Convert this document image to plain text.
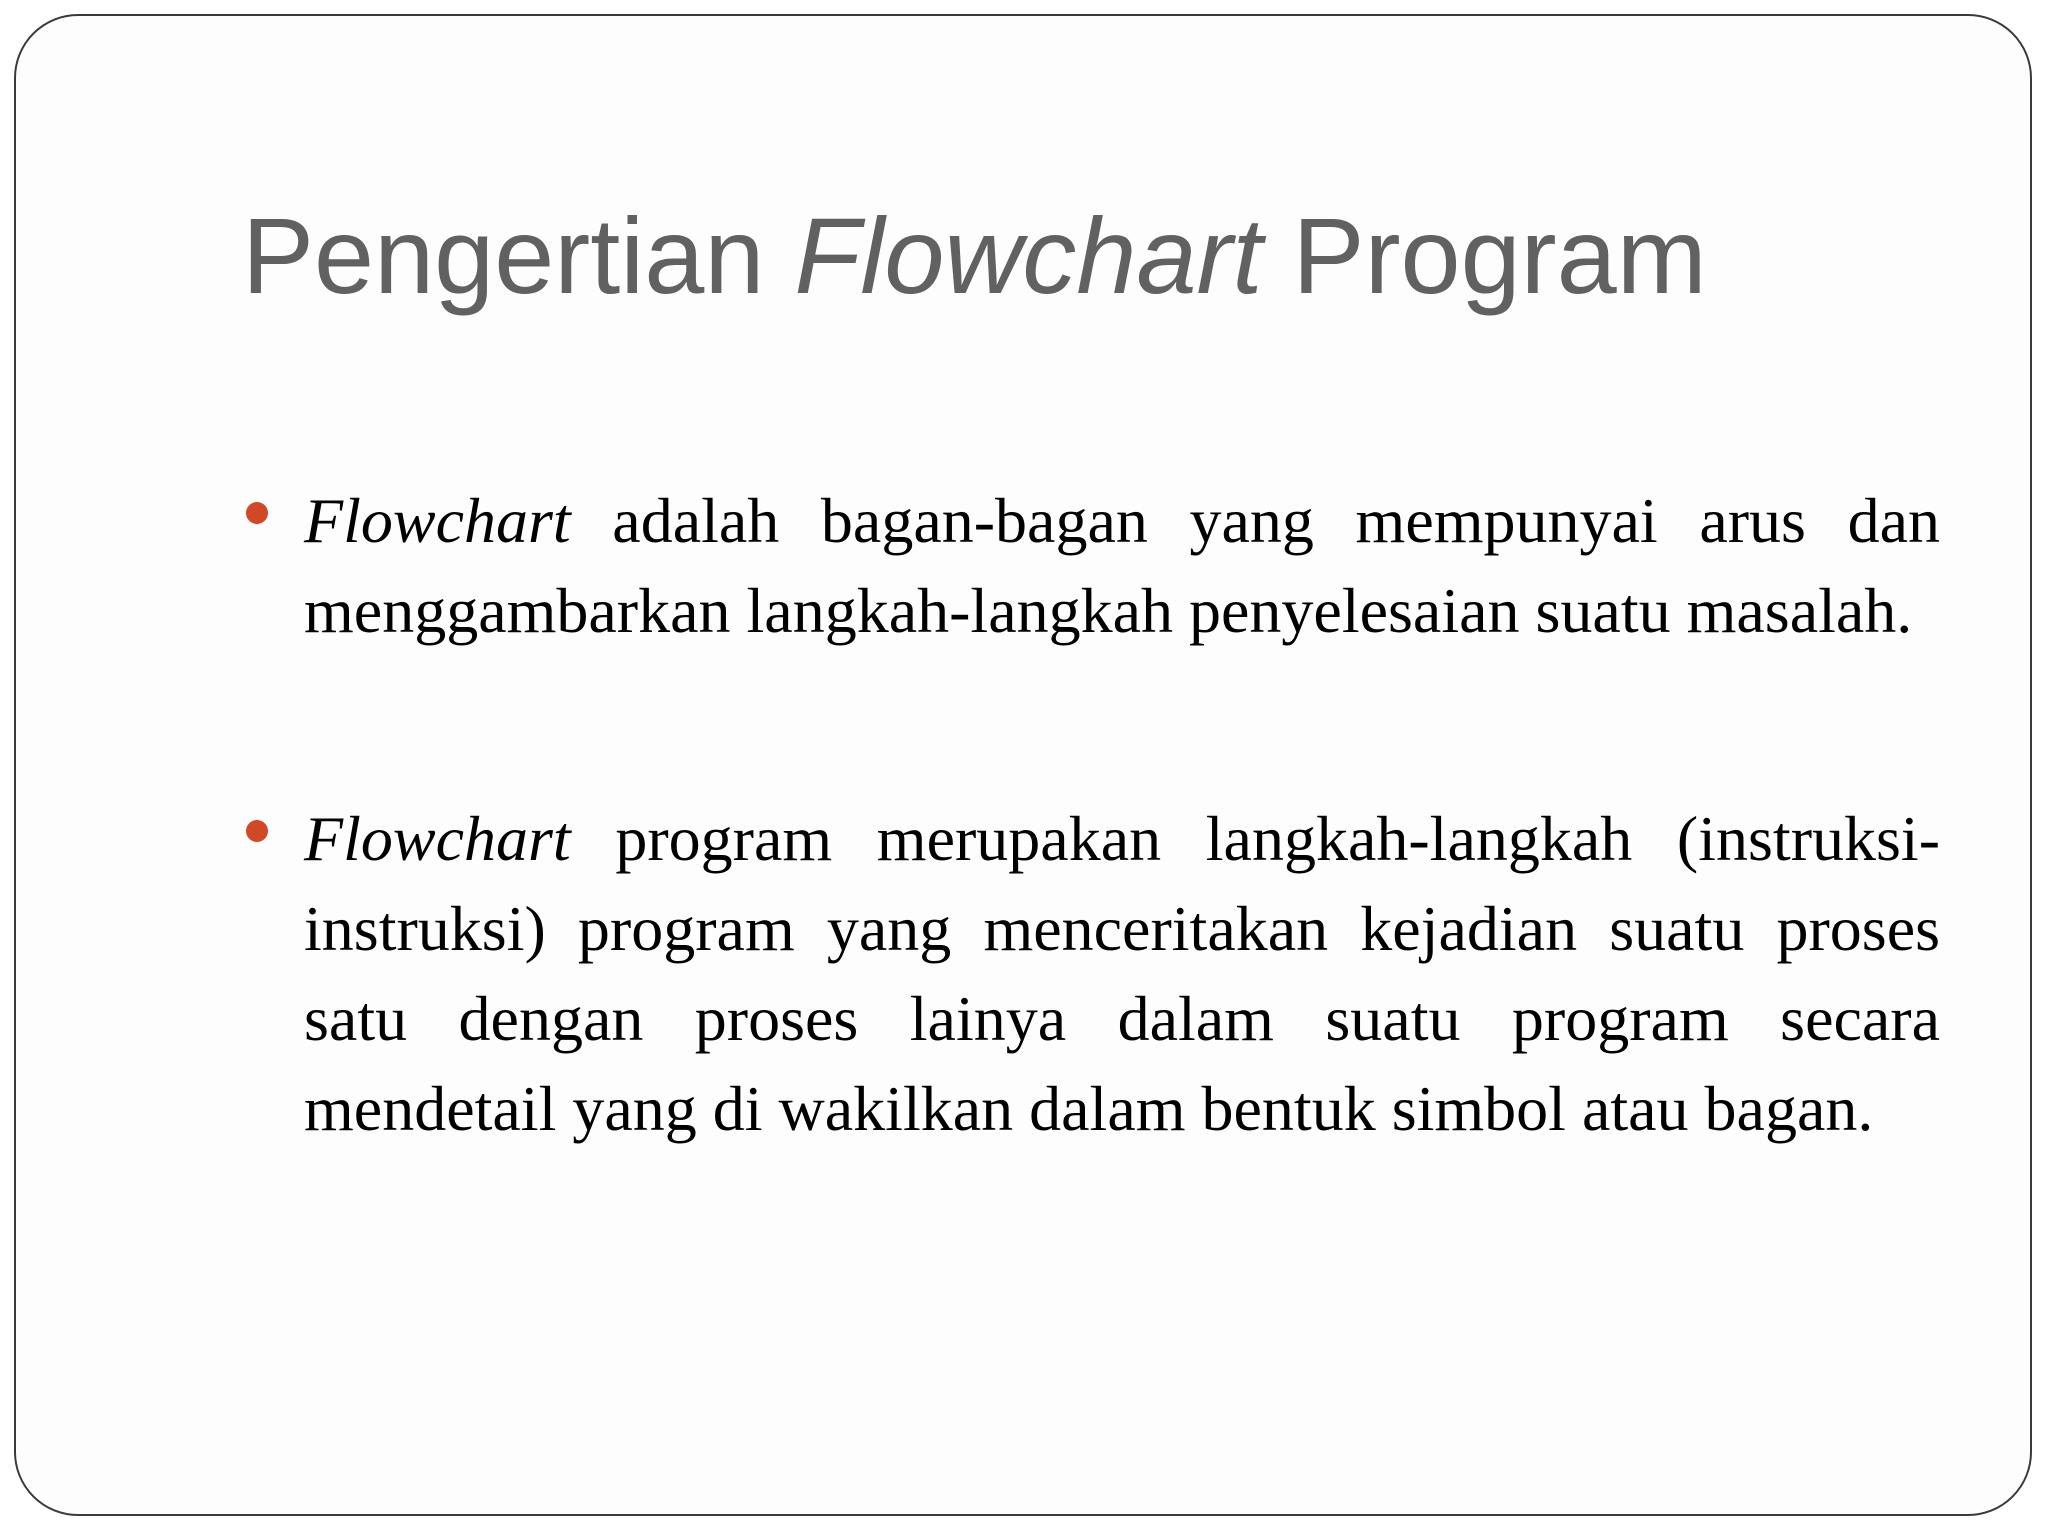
Pengertian Flowchart Program
Flowchart adalah bagan-bagan yang mempunyai arus dan menggambarkan langkah-langkah penyelesaian suatu masalah.
Flowchart program merupakan langkah-langkah (instruksi-instruksi) program yang menceritakan kejadian suatu proses satu dengan proses lainya dalam suatu program secara mendetail yang di wakilkan dalam bentuk simbol atau bagan.
